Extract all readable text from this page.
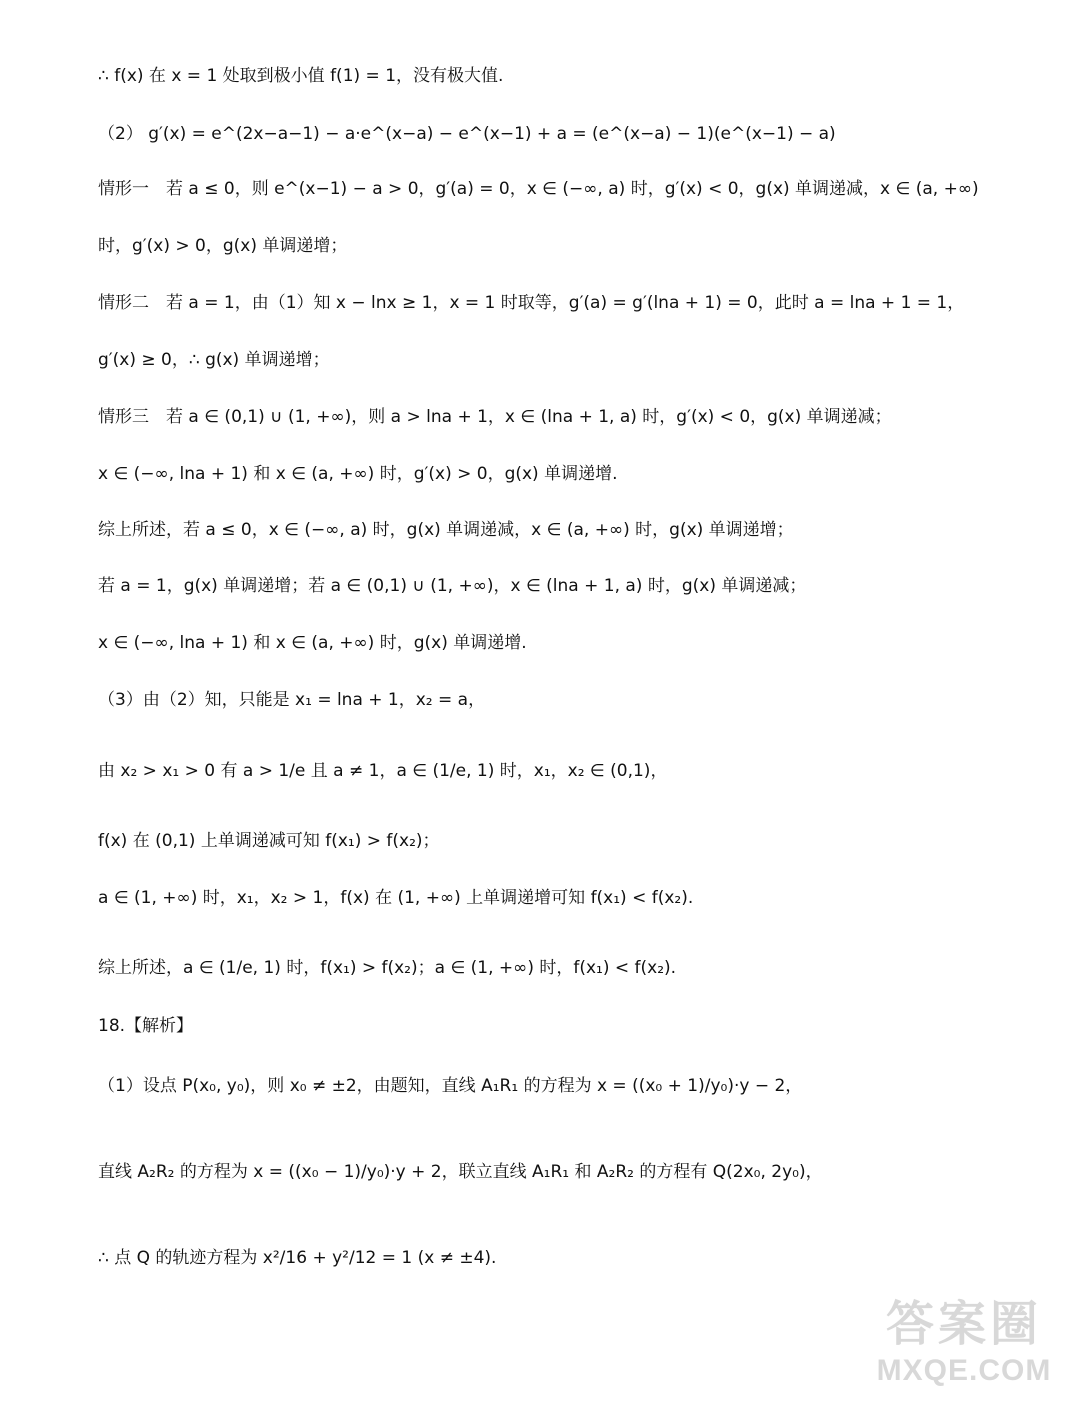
∴ f(x) 在 x = 1 处取到极小值 f(1) = 1，没有极大值.
（2） g′(x) = e^(2x−a−1) − a·e^(x−a) − e^(x−1) + a = (e^(x−a) − 1)(e^(x−1) − a)
情形一　若 a ≤ 0，则 e^(x−1) − a > 0，g′(a) = 0，x ∈ (−∞, a) 时，g′(x) < 0，g(x) 单调递减，x ∈ (a, +∞)
时，g′(x) > 0，g(x) 单调递增；
情形二　若 a = 1，由（1）知 x − lnx ≥ 1，x = 1 时取等，g′(a) = g′(lna + 1) = 0，此时 a = lna + 1 = 1，
g′(x) ≥ 0，∴ g(x) 单调递增；
情形三　若 a ∈ (0,1) ∪ (1, +∞)，则 a > lna + 1，x ∈ (lna + 1, a) 时，g′(x) < 0，g(x) 单调递减；
x ∈ (−∞, lna + 1) 和 x ∈ (a, +∞) 时，g′(x) > 0，g(x) 单调递增.
综上所述，若 a ≤ 0，x ∈ (−∞, a) 时，g(x) 单调递减，x ∈ (a, +∞) 时，g(x) 单调递增；
若 a = 1，g(x) 单调递增；若 a ∈ (0,1) ∪ (1, +∞)，x ∈ (lna + 1, a) 时，g(x) 单调递减；
x ∈ (−∞, lna + 1) 和 x ∈ (a, +∞) 时，g(x) 单调递增.
（3）由（2）知，只能是 x₁ = lna + 1，x₂ = a，
由 x₂ > x₁ > 0 有 a > 1/e 且 a ≠ 1，a ∈ (1/e, 1) 时，x₁，x₂ ∈ (0,1)，
f(x) 在 (0,1) 上单调递减可知 f(x₁) > f(x₂)；
a ∈ (1, +∞) 时，x₁，x₂ > 1，f(x) 在 (1, +∞) 上单调递增可知 f(x₁) < f(x₂).
综上所述，a ∈ (1/e, 1) 时，f(x₁) > f(x₂)；a ∈ (1, +∞) 时，f(x₁) < f(x₂).
18.【解析】
（1）设点 P(x₀, y₀)，则 x₀ ≠ ±2，由题知，直线 A₁R₁ 的方程为 x = ((x₀ + 1)/y₀)·y − 2，
直线 A₂R₂ 的方程为 x = ((x₀ − 1)/y₀)·y + 2，联立直线 A₁R₁ 和 A₂R₂ 的方程有 Q(2x₀, 2y₀)，
∴ 点 Q 的轨迹方程为 x²/16 + y²/12 = 1 (x ≠ ±4).
答案圈
MXQE.COM
